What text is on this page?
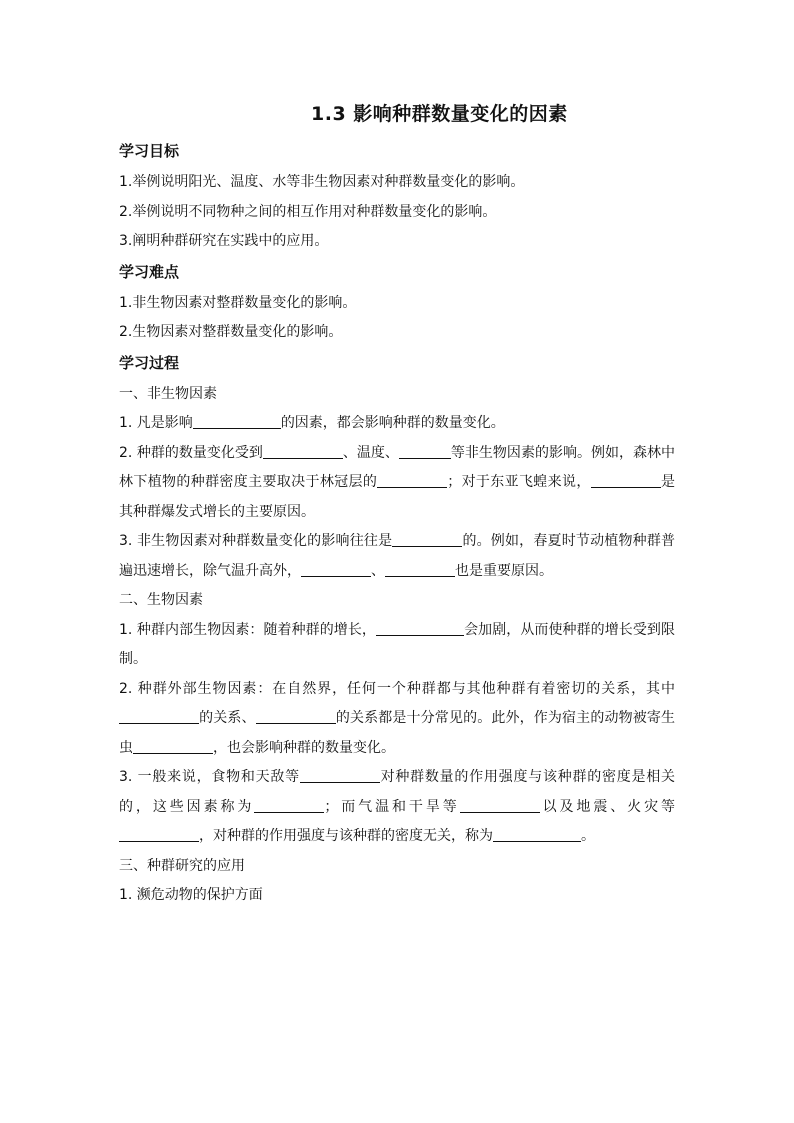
1.3 影响种群数量变化的因素
学习目标

1.举例说明阳光、温度、水等非生物因素对种群数量变化的影响。

2.举例说明不同物种之间的相互作用对种群数量变化的影响。

3.阐明种群研究在实践中的应用。

学习难点

1.非生物因素对整群数量变化的影响。

2.生物因素对整群数量变化的影响。

学习过程

一、非生物因素

1. 凡是影响	的因素，都会影响种群的数量变化。

2. 种群的数量变化受到	、温度、	等非生物因素的影响。例如，森林中林下植物的种群密度主要取决于林冠层的	；对于东亚飞蝗来说，	是其种群爆发式增长的主要原因。

3. 非生物因素对种群数量变化的影响往往是	的。例如，春夏时节动植物种群普遍迅速增长，除气温升高外，	、	也是重要原因。

二、生物因素

1. 种群内部生物因素：随着种群的增长，	会加剧，从而使种群的增长受到限制。

2. 种群外部生物因素：在自然界，任何一个种群都与其他种群有着密切的关系，其中的关系、	的关系都是十分常见的。此外，作为宿主的动物被寄生虫	，也会影响种群的数量变化。

3. 一般来说，食物和天敌等	对种群数量的作用强度与该种群的密度是相关的，这些因素称为	；而气温和干旱等	以及地震、火灾等，对种群的作用强度与该种群的密度无关，称为	。

三、种群研究的应用

1. 濒危动物的保护方面
